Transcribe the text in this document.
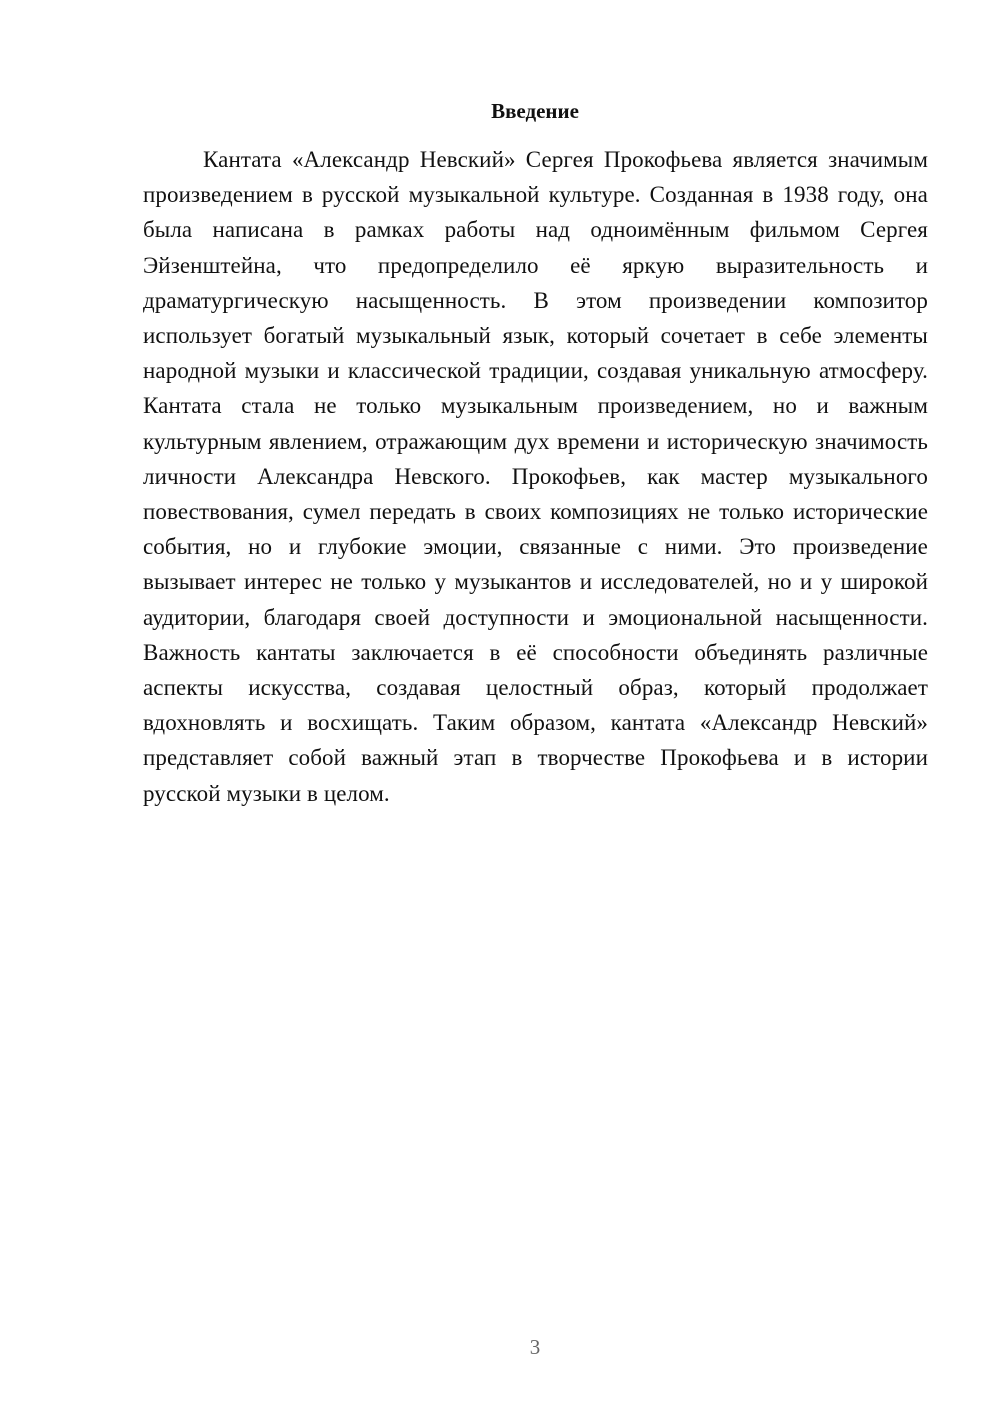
Введение

Кантата «Александр Невский» Сергея Прокофьева является значимым произведением в русской музыкальной культуре. Созданная в 1938 году, она была написана в рамках работы над одноимённым фильмом Сергея Эйзенштейна, что предопределило её яркую выразительность и драматургическую насыщенность. В этом произведении композитор использует богатый музыкальный язык, который сочетает в себе элементы народной музыки и классической традиции, создавая уникальную атмосферу. Кантата стала не только музыкальным произведением, но и важным культурным явлением, отражающим дух времени и историческую значимость личности Александра Невского. Прокофьев, как мастер музыкального повествования, сумел передать в своих композициях не только исторические события, но и глубокие эмоции, связанные с ними. Это произведение вызывает интерес не только у музыкантов и исследователей, но и у широкой аудитории, благодаря своей доступности и эмоциональной насыщенности. Важность кантаты заключается в её способности объединять различные аспекты искусства, создавая целостный образ, который продолжает вдохновлять и восхищать. Таким образом, кантата «Александр Невский» представляет собой важный этап в творчестве Прокофьева и в истории русской музыки в целом.

3
